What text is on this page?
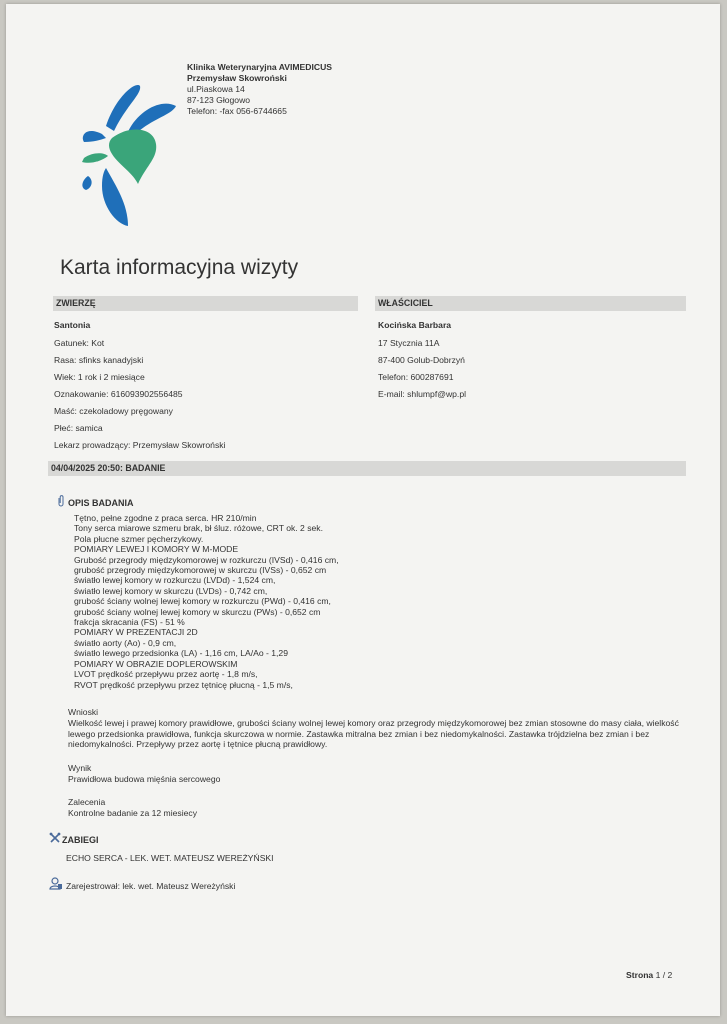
Klinika Weterynaryjna AVIMEDICUS
Przemysław Skowroński
ul.Piaskowa 14
87-123 Głogowo
Telefon: -fax 056-6744665
Karta informacyjna wizyty
ZWIERZĘ
Santonia
Gatunek: Kot
Rasa: sfinks kanadyjski
Wiek: 1 rok i 2 miesiące
Oznakowanie: 616093902556485
Maść: czekoladowy pręgowany
Płeć: samica
Lekarz prowadzący: Przemysław Skowroński
WŁAŚCICIEL
Kocińska Barbara
17 Stycznia 11A
87-400 Golub-Dobrzyń
Telefon: 600287691
E-mail: shlumpf@wp.pl
04/04/2025 20:50: BADANIE
OPIS BADANIA
Tętno, pełne zgodne z praca serca. HR 210/min
Tony serca miarowe szmeru brak, bł śluz. różowe, CRT ok. 2 sek.
Pola płucne szmer pęcherzykowy.
POMIARY LEWEJ I KOMORY W M-MODE
Grubość przegrody międzykomorowej w rozkurczu (IVSd) - 0,416 cm,
grubość przegrody międzykomorowej w skurczu (IVSs) - 0,652 cm
światło lewej komory w rozkurczu (LVDd) - 1,524 cm,
światło lewej komory w skurczu (LVDs) - 0,742 cm,
grubość ściany wolnej lewej komory w rozkurczu (PWd) - 0,416 cm,
grubość ściany wolnej lewej komory w skurczu (PWs) - 0,652 cm
frakcja skracania (FS) - 51 %
POMIARY W PREZENTACJI 2D
światło aorty (Ao) - 0,9 cm,
światło lewego przedsionka (LA) - 1,16 cm, LA/Ao - 1,29
POMIARY W OBRAZIE DOPLEROWSKIM
LVOT prędkość przepływu przez aortę - 1,8 m/s,
RVOT prędkość przepływu przez tętnicę płucną - 1,5 m/s,
Wnioski
Wielkość lewej i prawej komory prawidłowe, grubości ściany wolnej lewej komory oraz przegrody międzykomorowej bez zmian stosowne do masy ciała, wielkość lewego przedsionka prawidłowa, funkcja skurczowa w normie. Zastawka mitralna bez zmian i bez niedomykalności. Zastawka trójdzielna bez zmian i bez niedomykalności. Przepływy przez aortę i tętnice płucną prawidłowy.
Wynik
Prawidłowa budowa mięśnia sercowego
Zalecenia
Kontrolne badanie za 12 miesiecy
ZABIEGI
ECHO SERCA - LEK. WET. MATEUSZ WEREŻYŃSKI
Zarejestrował: lek. wet. Mateusz Wereżyński
Strona 1 / 2
